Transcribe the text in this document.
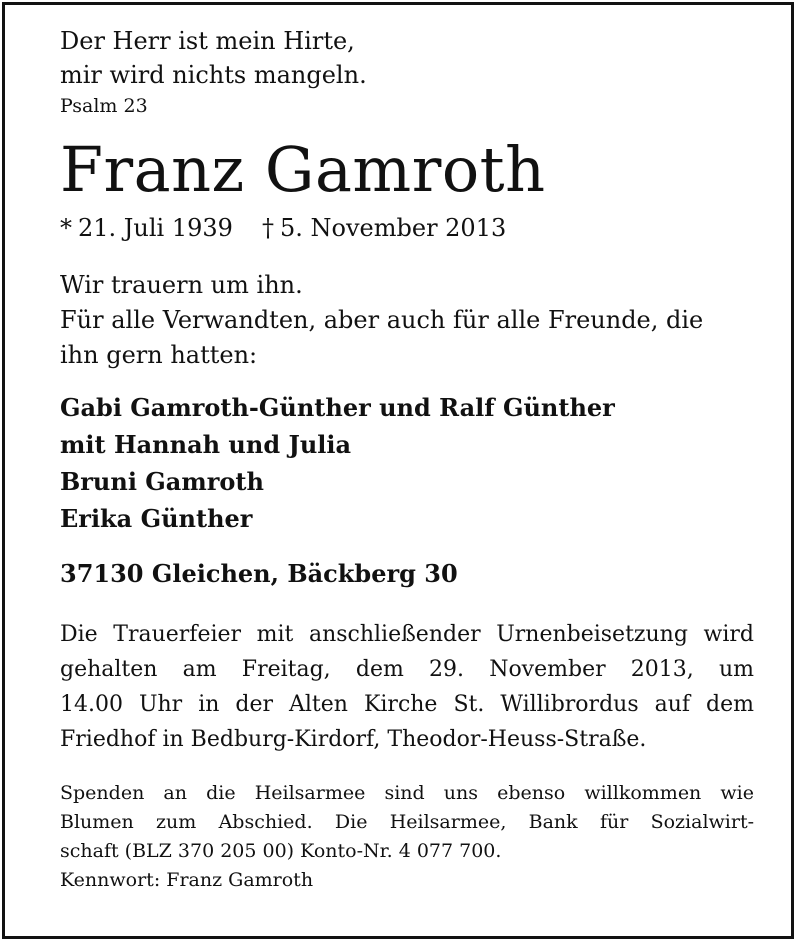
Der Herr ist mein Hirte,
mir wird nichts mangeln.
Psalm 23
Franz Gamroth
* 21. Juli 1939	† 5. November 2013
Wir trauern um ihn.
Für alle Verwandten, aber auch für alle Freunde, die
ihn gern hatten:
Gabi Gamroth-Günther und Ralf Günther
mit Hannah und Julia
Bruni Gamroth
Erika Günther
37130 Gleichen, Bäckberg 30
Die Trauerfeier mit anschließender Urnenbeisetzung wird
gehalten am Freitag, dem 29. November 2013, um
14.00 Uhr in der Alten Kirche St. Willibrordus auf dem
Friedhof in Bedburg-Kirdorf, Theodor-Heuss-Straße.
Spenden an die Heilsarmee sind uns ebenso willkommen wie
Blumen zum Abschied. Die Heilsarmee, Bank für Sozialwirt-
schaft (BLZ 370 205 00) Konto-Nr. 4 077 700.
Kennwort: Franz Gamroth
